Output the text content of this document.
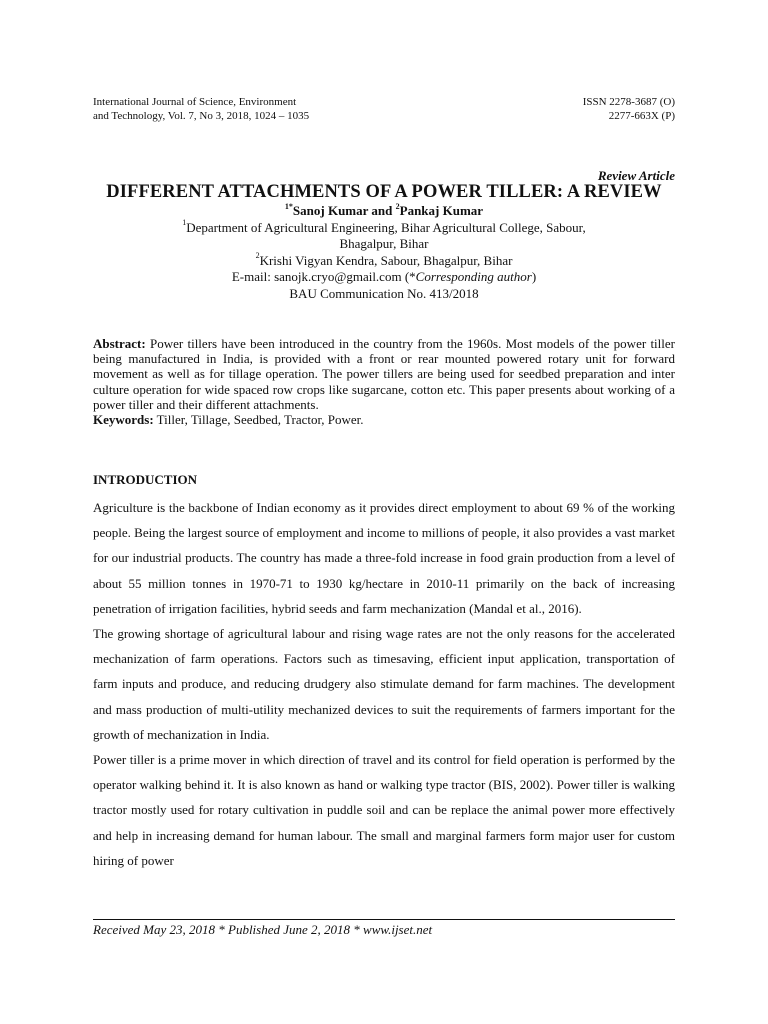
International Journal of Science, Environment
and Technology, Vol. 7, No 3, 2018, 1024 – 1035
ISSN 2278-3687 (O)
2277-663X (P)
Review Article
DIFFERENT ATTACHMENTS OF A POWER TILLER: A REVIEW
$^{1*}$Sanoj Kumar and $^2$Pankaj Kumar
$^1$Department of Agricultural Engineering, Bihar Agricultural College, Sabour,
Bhagalpur, Bihar
$^2$Krishi Vigyan Kendra, Sabour, Bhagalpur, Bihar
E-mail: sanojk.cryo@gmail.com (*Corresponding author)
BAU Communication No. 413/2018
Abstract: Power tillers have been introduced in the country from the 1960s. Most models of the power tiller being manufactured in India, is provided with a front or rear mounted powered rotary unit for forward movement as well as for tillage operation. The power tillers are being used for seedbed preparation and inter culture operation for wide spaced row crops like sugarcane, cotton etc. This paper presents about working of a power tiller and their different attachments.
Keywords: Tiller, Tillage, Seedbed, Tractor, Power.
INTRODUCTION

Agriculture is the backbone of Indian economy as it provides direct employment to about 69 % of the working people. Being the largest source of employment and income to millions of people, it also provides a vast market for our industrial products. The country has made a three-fold increase in food grain production from a level of about 55 million tonnes in 1970-71 to 1930 kg/hectare in 2010-11 primarily on the back of increasing penetration of irrigation facilities, hybrid seeds and farm mechanization (Mandal et al., 2016).

The growing shortage of agricultural labour and rising wage rates are not the only reasons for the accelerated mechanization of farm operations. Factors such as timesaving, efficient input application, transportation of farm inputs and produce, and reducing drudgery also stimulate demand for farm machines. The development and mass production of multi-utility mechanized devices to suit the requirements of farmers important for the growth of mechanization in India.

Power tiller is a prime mover in which direction of travel and its control for field operation is performed by the operator walking behind it. It is also known as hand or walking type tractor (BIS, 2002). Power tiller is walking tractor mostly used for rotary cultivation in puddle soil and can be replace the animal power more effectively and help in increasing demand for human labour. The small and marginal farmers form major user for custom hiring of power

Received May 23, 2018 * Published June 2, 2018 * www.ijset.net
